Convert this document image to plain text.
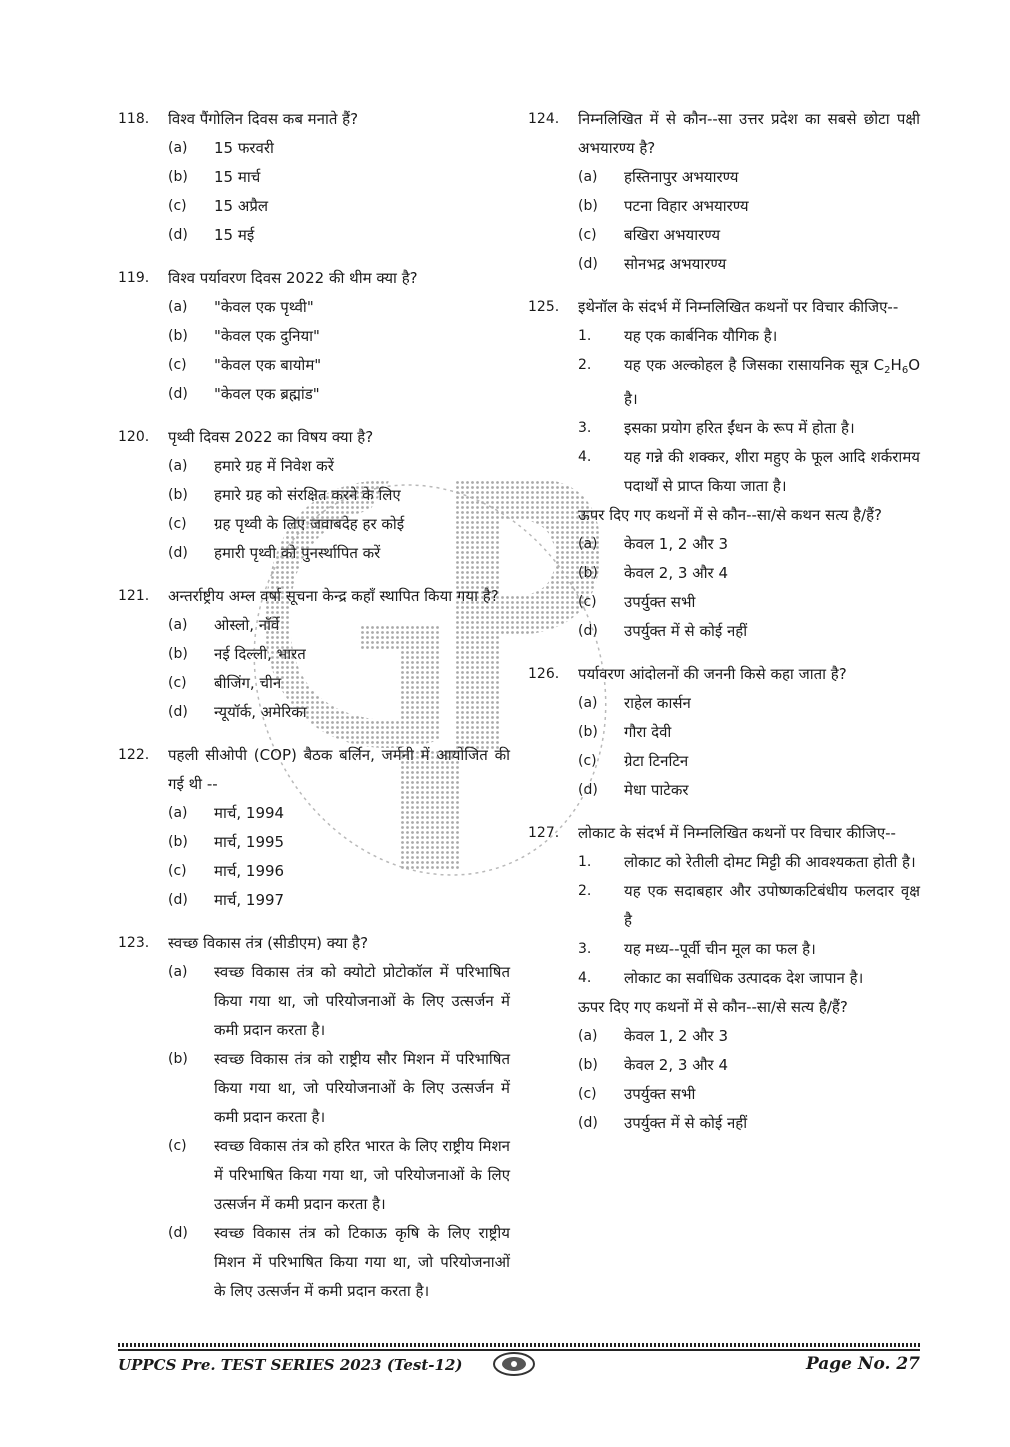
118. विश्व पैंगोलिन दिवस कब मनाते हैं?
(a)	15 फरवरी
(b)	15 मार्च
(c)	15 अप्रैल
(d)	15 मई
119. विश्व पर्यावरण दिवस 2022 की थीम क्या है?
(a)	"केवल एक पृथ्वी"
(b)	"केवल एक दुनिया"
(c)	"केवल एक बायोम"
(d)	"केवल एक ब्रह्मांड"
120. पृथ्वी दिवस 2022 का विषय क्या है?
(a)	हमारे ग्रह में निवेश करें
(b)	हमारे ग्रह को संरक्षित करने के लिए
(c)	ग्रह पृथ्वी के लिए जवाबदेह हर कोई
(d)	हमारी पृथ्वी को पुनर्स्थापित करें
121. अन्तर्राष्ट्रीय अम्ल वर्षा सूचना केन्द्र कहाँ स्थापित किया गया है?
(a)	ओस्लो, नॉर्वे
(b)	नई दिल्ली, भारत
(c)	बीजिंग, चीन
(d)	न्यूयॉर्क, अमेरिका
122. पहली सीओपी (COP) बैठक बर्लिन, जर्मनी में आयोजित की गई थी --
(a)	मार्च, 1994
(b)	मार्च, 1995
(c)	मार्च, 1996
(d)	मार्च, 1997
123. स्वच्छ विकास तंत्र (सीडीएम) क्या है?
(a)	स्वच्छ विकास तंत्र को क्योटो प्रोटोकॉल में परिभाषित किया गया था, जो परियोजनाओं के लिए उत्सर्जन में कमी प्रदान करता है।
(b)	स्वच्छ विकास तंत्र को राष्ट्रीय सौर मिशन में परिभाषित किया गया था, जो परियोजनाओं के लिए उत्सर्जन में कमी प्रदान करता है।
(c)	स्वच्छ विकास तंत्र को हरित भारत के लिए राष्ट्रीय मिशन में परिभाषित किया गया था, जो परियोजनाओं के लिए उत्सर्जन में कमी प्रदान करता है।
(d)	स्वच्छ विकास तंत्र को टिकाऊ कृषि के लिए राष्ट्रीय मिशन में परिभाषित किया गया था, जो परियोजनाओं के लिए उत्सर्जन में कमी प्रदान करता है।
124. निम्नलिखित में से कौन--सा उत्तर प्रदेश का सबसे छोटा पक्षी अभयारण्य है?
(a)	हस्तिनापुर अभयारण्य
(b)	पटना विहार अभयारण्य
(c)	बखिरा अभयारण्य
(d)	सोनभद्र अभयारण्य
125. इथेनॉल के संदर्भ में निम्नलिखित कथनों पर विचार कीजिए--
1. यह एक कार्बनिक यौगिक है।
2. यह एक अल्कोहल है जिसका रासायनिक सूत्र $C_2H_6O$ है।
3. इसका प्रयोग हरित ईंधन के रूप में होता है।
4. यह गन्ने की शक्कर, शीरा महुए के फूल आदि शर्करामय पदार्थों से प्राप्त किया जाता है।
ऊपर दिए गए कथनों में से कौन--सा/से कथन सत्य है/हैं?
(a)	केवल 1, 2 और 3
(b)	केवल 2, 3 और 4
(c)	उपर्युक्त सभी
(d)	उपर्युक्त में से कोई नहीं
126. पर्यावरण आंदोलनों की जननी किसे कहा जाता है?
(a)	राहेल कार्सन
(b)	गौरा देवी
(c)	ग्रेटा टिनटिन
(d)	मेधा पाटेकर
127. लोकाट के संदर्भ में निम्नलिखित कथनों पर विचार कीजिए--
1. लोकाट को रेतीली दोमट मिट्टी की आवश्यकता होती है।
2. यह एक सदाबहार और उपोष्णकटिबंधीय फलदार वृक्ष है
3. यह मध्य--पूर्वी चीन मूल का फल है।
4. लोकाट का सर्वाधिक उत्पादक देश जापान है।
ऊपर दिए गए कथनों में से कौन--सा/से सत्य है/हैं?
(a)	केवल 1, 2 और 3
(b)	केवल 2, 3 और 4
(c)	उपर्युक्त सभी
(d)	उपर्युक्त में से कोई नहीं
UPPCS Pre. TEST SERIES 2023 (Test-12)	Page No. 27
